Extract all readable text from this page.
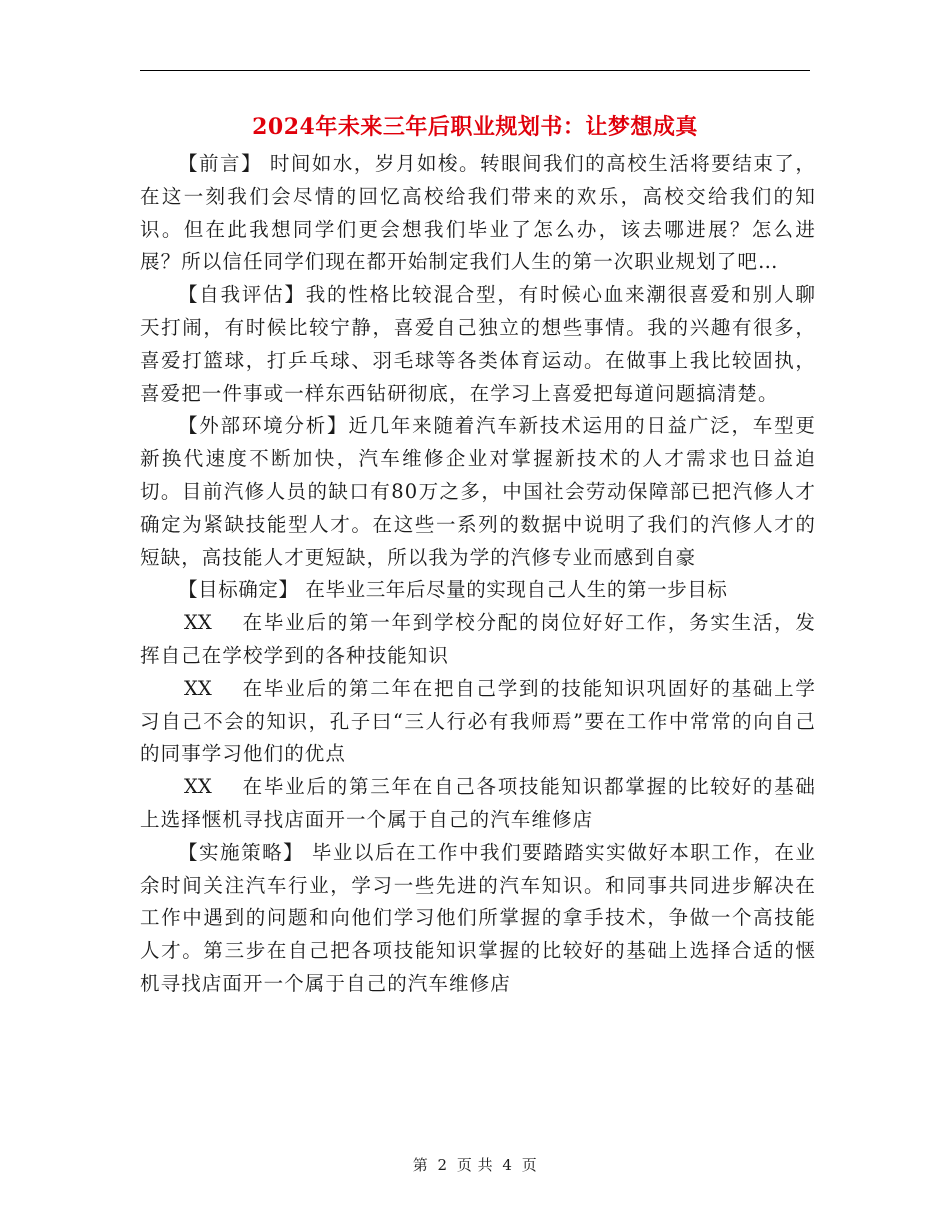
2024年未来三年后职业规划书：让梦想成真

【前言】 时间如水，岁月如梭。转眼间我们的高校生活将要结束了，在这一刻我们会尽情的回忆高校给我们带来的欢乐，高校交给我们的知识。但在此我想同学们更会想我们毕业了怎么办，该去哪进展？怎么进展？所以信任同学们现在都开始制定我们人生的第一次职业规划了吧…

【自我评估】我的性格比较混合型，有时候心血来潮很喜爱和别人聊天打闹，有时候比较宁静，喜爱自己独立的想些事情。我的兴趣有很多，喜爱打篮球，打乒乓球、羽毛球等各类体育运动。在做事上我比较固执，喜爱把一件事或一样东西钻研彻底，在学习上喜爱把每道问题搞清楚。

【外部环境分析】近几年来随着汽车新技术运用的日益广泛，车型更新换代速度不断加快，汽车维修企业对掌握新技术的人才需求也日益迫切。目前汽修人员的缺口有80万之多，中国社会劳动保障部已把汽修人才确定为紧缺技能型人才。在这些一系列的数据中说明了我们的汽修人才的短缺，高技能人才更短缺，所以我为学的汽修专业而感到自豪

【目标确定】 在毕业三年后尽量的实现自己人生的第一步目标

XX 在毕业后的第一年到学校分配的岗位好好工作，务实生活，发挥自己在学校学到的各种技能知识

XX 在毕业后的第二年在把自己学到的技能知识巩固好的基础上学习自己不会的知识，孔子曰“三人行必有我师焉”要在工作中常常的向自己的同事学习他们的优点

XX 在毕业后的第三年在自己各项技能知识都掌握的比较好的基础上选择惬机寻找店面开一个属于自己的汽车维修店

【实施策略】 毕业以后在工作中我们要踏踏实实做好本职工作，在业余时间关注汽车行业，学习一些先进的汽车知识。和同事共同进步解决在工作中遇到的问题和向他们学习他们所掌握的拿手技术，争做一个高技能人才。第三步在自己把各项技能知识掌握的比较好的基础上选择合适的惬机寻找店面开一个属于自己的汽车维修店

第 2 页 共 4 页
